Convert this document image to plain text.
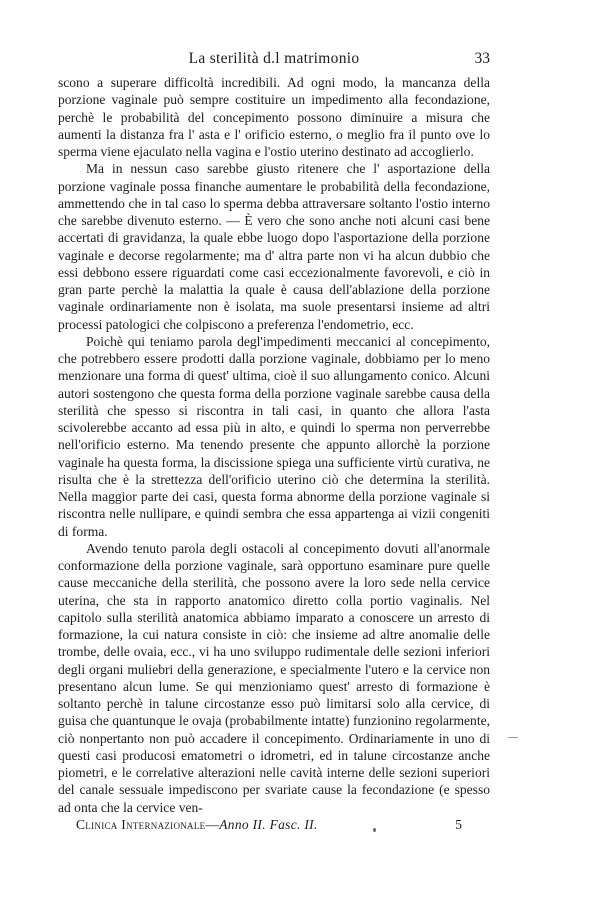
La sterilità d.l matrimonio	33

scono a superare difficoltà incredibili. Ad ogni modo, la mancanza della porzione vaginale può sempre costituire un impedimento alla fecondazione, perchè le probabilità del concepimento possono diminuire a misura che aumenti la distanza fra l' asta e l' orificio esterno, o meglio fra il punto ove lo sperma viene ejaculato nella vagina e l'ostio uterino destinato ad accoglierlo.

Ma in nessun caso sarebbe giusto ritenere che l' asportazione della porzione vaginale possa finanche aumentare le probabilità della fecondazione, ammettendo che in tal caso lo sperma debba attraversare soltanto l'ostio interno che sarebbe divenuto esterno. — È vero che sono anche noti alcuni casi bene accertati di gravidanza, la quale ebbe luogo dopo l'asportazione della porzione vaginale e decorse regolarmente; ma d' altra parte non vi ha alcun dubbio che essi debbono essere riguardati come casi eccezionalmente favorevoli, e ciò in gran parte perchè la malattia la quale è causa dell'ablazione della porzione vaginale ordinariamente non è isolata, ma suole presentarsi insieme ad altri processi patologici che colpiscono a preferenza l'endometrio, ecc.

Poichè qui teniamo parola degl'impedimenti meccanici al concepimento, che potrebbero essere prodotti dalla porzione vaginale, dobbiamo per lo meno menzionare una forma di quest' ultima, cioè il suo allungamento conico. Alcuni autori sostengono che questa forma della porzione vaginale sarebbe causa della sterilità che spesso si riscontra in tali casi, in quanto che allora l'asta scivolerebbe accanto ad essa più in alto, e quindi lo sperma non perverrebbe nell'orificio esterno. Ma tenendo presente che appunto allorchè la porzione vaginale ha questa forma, la discissione spiega una sufficiente virtù curativa, ne risulta che è la strettezza dell'orificio uterino ciò che determina la sterilità. Nella maggior parte dei casi, questa forma abnorme della porzione vaginale si riscontra nelle nullipare, e quindi sembra che essa appartenga ai vizii congeniti di forma.

Avendo tenuto parola degli ostacoli al concepimento dovuti all'anormale conformazione della porzione vaginale, sarà opportuno esaminare pure quelle cause meccaniche della sterilità, che possono avere la loro sede nella cervice uterina, che sta in rapporto anatomico diretto colla portio vaginalis. Nel capitolo sulla sterilità anatomica abbiamo imparato a conoscere un arresto di formazione, la cui natura consiste in ciò: che insieme ad altre anomalie delle trombe, delle ovaia, ecc., vi ha uno sviluppo rudimentale delle sezioni inferiori degli organi muliebri della generazione, e specialmente l'utero e la cervice non presentano alcun lume. Se qui menzioniamo quest' arresto di formazione è soltanto perchè in talune circostanze esso può limitarsi solo alla cervice, di guisa che quantunque le ovaja (probabilmente intatte) funzionino regolarmente, ciò nonpertanto non può accadere il concepimento. Ordinariamente in uno di questi casi producosi ematometri o idrometri, ed in talune circostanze anche piometri, e le correlative alterazioni nelle cavità interne delle sezioni superiori del canale sessuale impediscono per svariate cause la fecondazione (e spesso ad onta che la cervice ven-

Clinica Internazionale—Anno II. Fasc. II.	5
